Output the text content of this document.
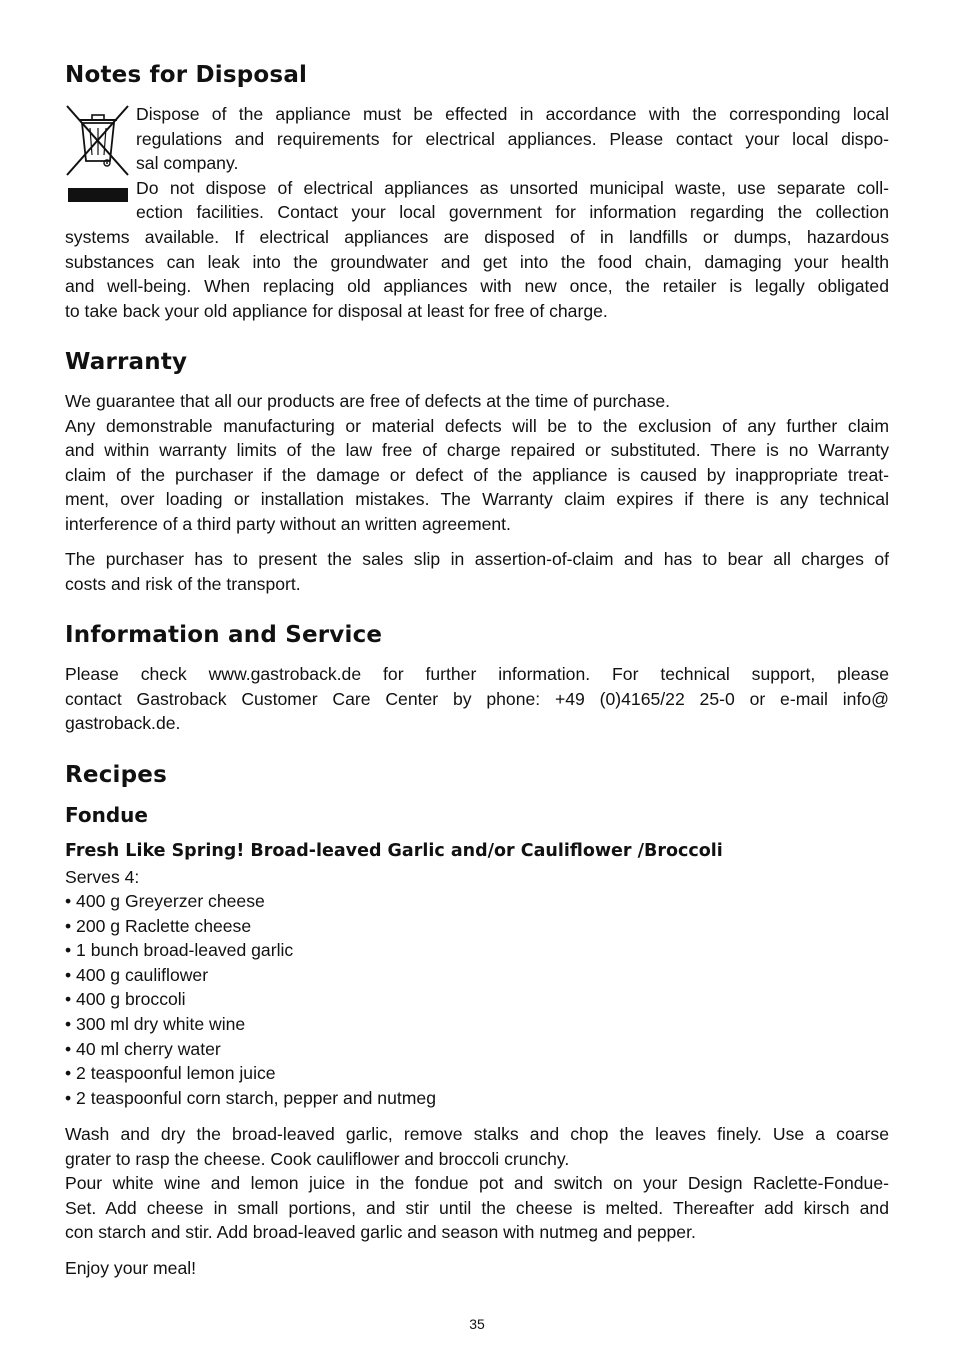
Notes for Disposal
Dispose of the appliance must be effected in accordance with the corresponding local
regulations and requirements for electrical appliances. Please contact your local dispo-
sal company.
Do not dispose of electrical appliances as unsorted municipal waste, use separate coll-
ection facilities. Contact your local government for information regarding the collection
systems available. If electrical appliances are disposed of in landfills or dumps, hazardous
substances can leak into the groundwater and get into the food chain, damaging your health
and well-being. When replacing old appliances with new once, the retailer is legally obligated
to take back your old appliance for disposal at least for free of charge.
Warranty
We guarantee that all our products are free of defects at the time of purchase.
Any demonstrable manufacturing or material defects will be to the exclusion of any further claim
and within warranty limits of the law free of charge repaired or substituted. There is no Warranty
claim of the purchaser if the damage or defect of the appliance is caused by inappropriate treat-
ment, over loading or installation mistakes. The Warranty claim expires if there is any technical
interference of a third party without an written agreement.
The purchaser has to present the sales slip in assertion-of-claim and has to bear all charges of
costs and risk of the transport.
Information and Service
Please check www.gastroback.de for further information. For technical support, please
contact Gastroback Customer Care Center by phone: +49 (0)4165/22 25-0 or e-mail info@
gastroback.de.
Recipes
Fondue
Fresh Like Spring! Broad-leaved Garlic and/or Cauliflower /Broccoli
Serves 4:
• 400 g Greyerzer cheese
• 200 g Raclette cheese
• 1 bunch broad-leaved garlic
• 400 g cauliflower
• 400 g broccoli
• 300 ml dry white wine
• 40 ml cherry water
• 2 teaspoonful lemon juice
• 2 teaspoonful corn starch, pepper and nutmeg
Wash and dry the broad-leaved garlic, remove stalks and chop the leaves finely. Use a coarse
grater to rasp the cheese. Cook cauliflower and broccoli crunchy.
Pour white wine and lemon juice in the fondue pot and switch on your Design Raclette-Fondue-
Set. Add cheese in small portions, and stir until the cheese is melted. Thereafter add kirsch and
con starch and stir. Add broad-leaved garlic and season with nutmeg and pepper.
Enjoy your meal!
35
